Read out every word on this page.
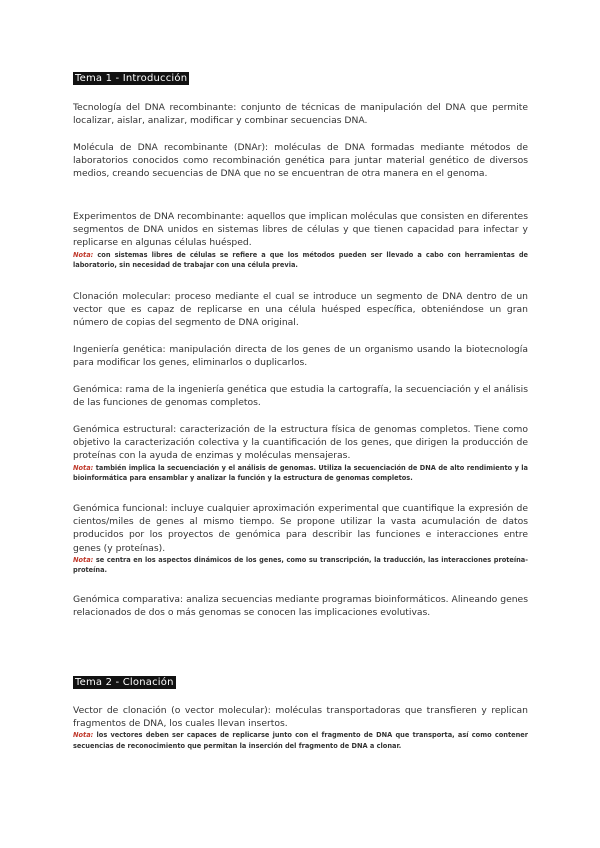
Tema 1 - Introducción

Tecnología del DNA recombinante: conjunto de técnicas de manipulación del DNA que permite localizar, aislar, analizar, modificar y combinar secuencias DNA.

Molécula de DNA recombinante (DNAr): moléculas de DNA formadas mediante métodos de laboratorios conocidos como recombinación genética para juntar material genético de diversos medios, creando secuencias de DNA que no se encuentran de otra manera en el genoma.

Experimentos de DNA recombinante: aquellos que implican moléculas que consisten en diferentes segmentos de DNA unidos en sistemas libres de células y que tienen capacidad para infectar y replicarse en algunas células huésped.
Nota: con sistemas libres de células se refiere a que los métodos pueden ser llevado a cabo con herramientas de laboratorio, sin necesidad de trabajar con una célula previa.

Clonación molecular: proceso mediante el cual se introduce un segmento de DNA dentro de un vector que es capaz de replicarse en una célula huésped específica, obteniéndose un gran número de copias del segmento de DNA original.

Ingeniería genética: manipulación directa de los genes de un organismo usando la biotecnología para modificar los genes, eliminarlos o duplicarlos.

Genómica: rama de la ingeniería genética que estudia la cartografía, la secuenciación y el análisis de las funciones de genomas completos.

Genómica estructural: caracterización de la estructura física de genomas completos. Tiene como objetivo la caracterización colectiva y la cuantificación de los genes, que dirigen la producción de proteínas con la ayuda de enzimas y moléculas mensajeras.
Nota: también implica la secuenciación y el análisis de genomas. Utiliza la secuenciación de DNA de alto rendimiento y la bioinformática para ensamblar y analizar la función y la estructura de genomas completos.

Genómica funcional: incluye cualquier aproximación experimental que cuantifique la expresión de cientos/miles de genes al mismo tiempo. Se propone utilizar la vasta acumulación de datos producidos por los proyectos de genómica para describir las funciones e interacciones entre genes (y proteínas).
Nota: se centra en los aspectos dinámicos de los genes, como su transcripción, la traducción, las interacciones proteína-proteína.

Genómica comparativa: analiza secuencias mediante programas bioinformáticos. Alineando genes relacionados de dos o más genomas se conocen las implicaciones evolutivas.

Tema 2 - Clonación

Vector de clonación (o vector molecular): moléculas transportadoras que transfieren y replican fragmentos de DNA, los cuales llevan insertos.
Nota: los vectores deben ser capaces de replicarse junto con el fragmento de DNA que transporta, así como contener secuencias de reconocimiento que permitan la inserción del fragmento de DNA a clonar.
